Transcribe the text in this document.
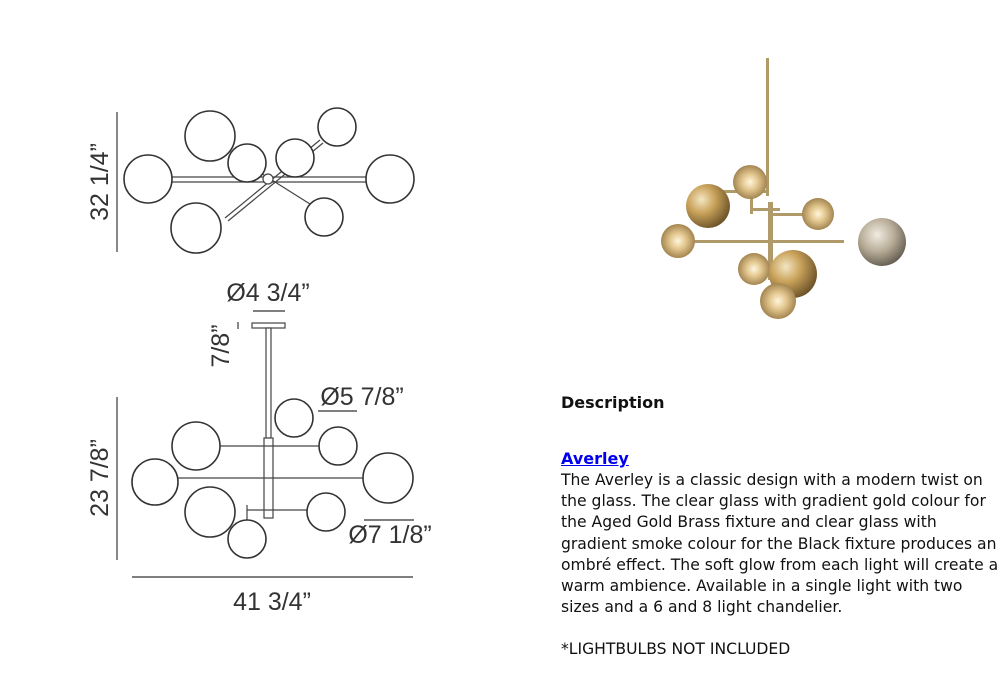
32 1/4”
Ø4 3/4”
7/8”
Ø5 7/8”
Ø7 1/8”
23 7/8”
41 3/4”
Description
Averley

The Averley is a classic design with a modern twist on the glass. The clear glass with gradient gold colour for the Aged Gold Brass fixture and clear glass with gradient smoke colour for the Black fixture produces an ombré effect. The soft glow from each light will create a warm ambience. Available in a single light with two sizes and a 6 and 8 light chandelier.

*LIGHTBULBS NOT INCLUDED
